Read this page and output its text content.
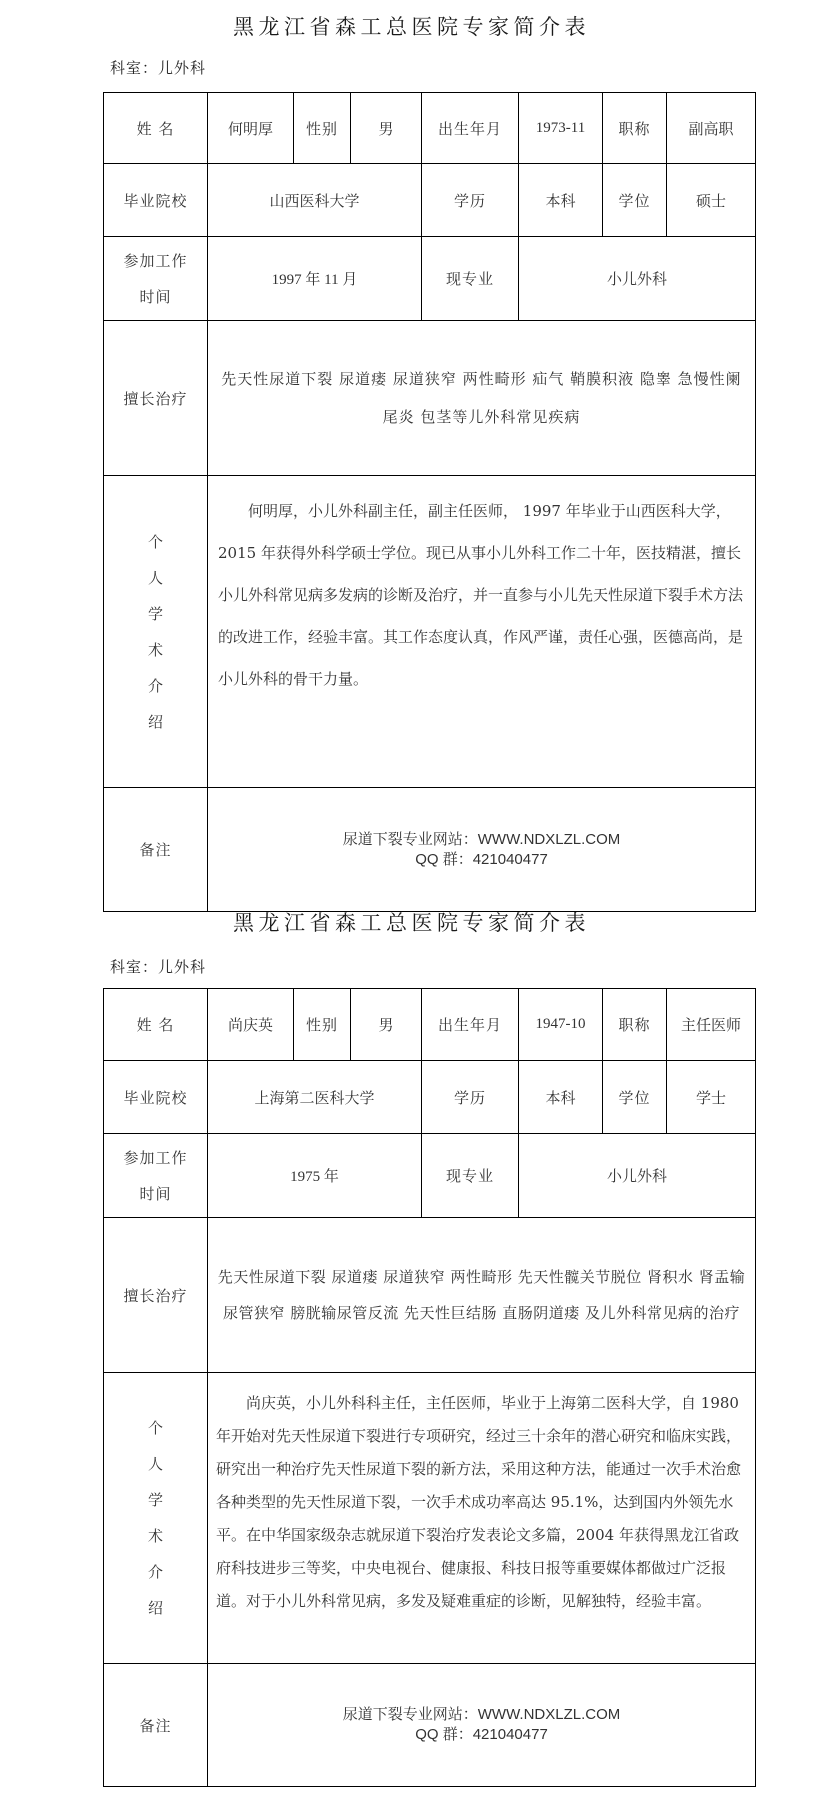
黑龙江省森工总医院专家简介表
科室：儿外科
姓 名	何明厚	性别	男	出生年月	1973-11	职称	副高职
毕业院校	山西医科大学			学历	本科	学位	硕士

参加工作
时间	1997 年 11 月			现专业	小儿外科		
擅长治疗	先天性尿道下裂 尿道瘘 尿道狭窄 两性畸形 疝气 鞘膜积液 隐睾 急慢性阑尾炎 包茎等儿外科常见疾病						

个
人
学
术
介
绍
	何明厚，小儿外科副主任，副主任医师， 1997 年毕业于山西医科大学，2015 年获得外科学硕士学位。现已从事小儿外科工作二十年，医技精湛，擅长小儿外科常见病多发病的诊断及治疗，并一直参与小儿先天性尿道下裂手术方法的改进工作，经验丰富。其工作态度认真，作风严谨，责任心强，医德高尚，是小儿外科的骨干力量。
备注	尿道下裂专业网站：WWW.NDXLZL.COM
QQ 群：421040477						
黑龙江省森工总医院专家简介表
科室：儿外科
姓 名	尚庆英	性别	男	出生年月	1947-10	职称	主任医师
毕业院校	上海第二医科大学			学历	本科	学位	学士

参加工作
时间	1975 年			现专业	小儿外科		
擅长治疗	先天性尿道下裂 尿道瘘 尿道狭窄 两性畸形 先天性髋关节脱位 肾积水 肾盂输尿管狭窄 膀胱输尿管反流 先天性巨结肠 直肠阴道瘘 及儿外科常见病的治疗						

个
人
学
术
介
绍
	尚庆英，小儿外科科主任，主任医师，毕业于上海第二医科大学，自 1980 年开始对先天性尿道下裂进行专项研究，经过三十余年的潜心研究和临床实践，研究出一种治疗先天性尿道下裂的新方法，采用这种方法，能通过一次手术治愈各种类型的先天性尿道下裂，一次手术成功率高达 95.1%，达到国内外领先水平。在中华国家级杂志就尿道下裂治疗发表论文多篇，2004 年获得黑龙江省政府科技进步三等奖，中央电视台、健康报、科技日报等重要媒体都做过广泛报道。对于小儿外科常见病，多发及疑难重症的诊断，见解独特，经验丰富。
备注	尿道下裂专业网站：WWW.NDXLZL.COM
QQ 群：421040477						
